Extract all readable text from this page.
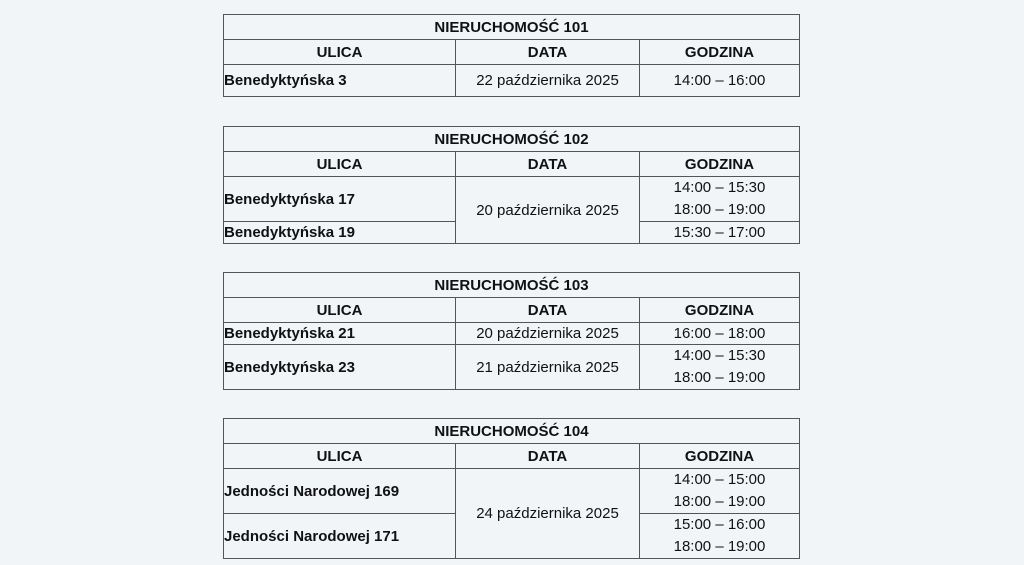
NIERUCHOMOŚĆ 101		
ULICA	DATA	GODZINA
Benedyktyńska 3	22 października 2025	14:00 – 16:00
NIERUCHOMOŚĆ 102		
ULICA	DATA	GODZINA
Benedyktyńska 17	20 października 2025	14:00 – 15:30
18:00 – 19:00

Benedyktyńska 19		15:30 – 17:00
NIERUCHOMOŚĆ 103		
ULICA	DATA	GODZINA
Benedyktyńska 21	20 października 2025	16:00 – 18:00
Benedyktyńska 23	21 października 2025	14:00 – 15:30
18:00 – 19:00
NIERUCHOMOŚĆ 104		
ULICA	DATA	GODZINA
Jedności Narodowej 169	24 października 2025	14:00 – 15:00
18:00 – 19:00

Jedności Narodowej 171		15:00 – 16:00
18:00 – 19:00
